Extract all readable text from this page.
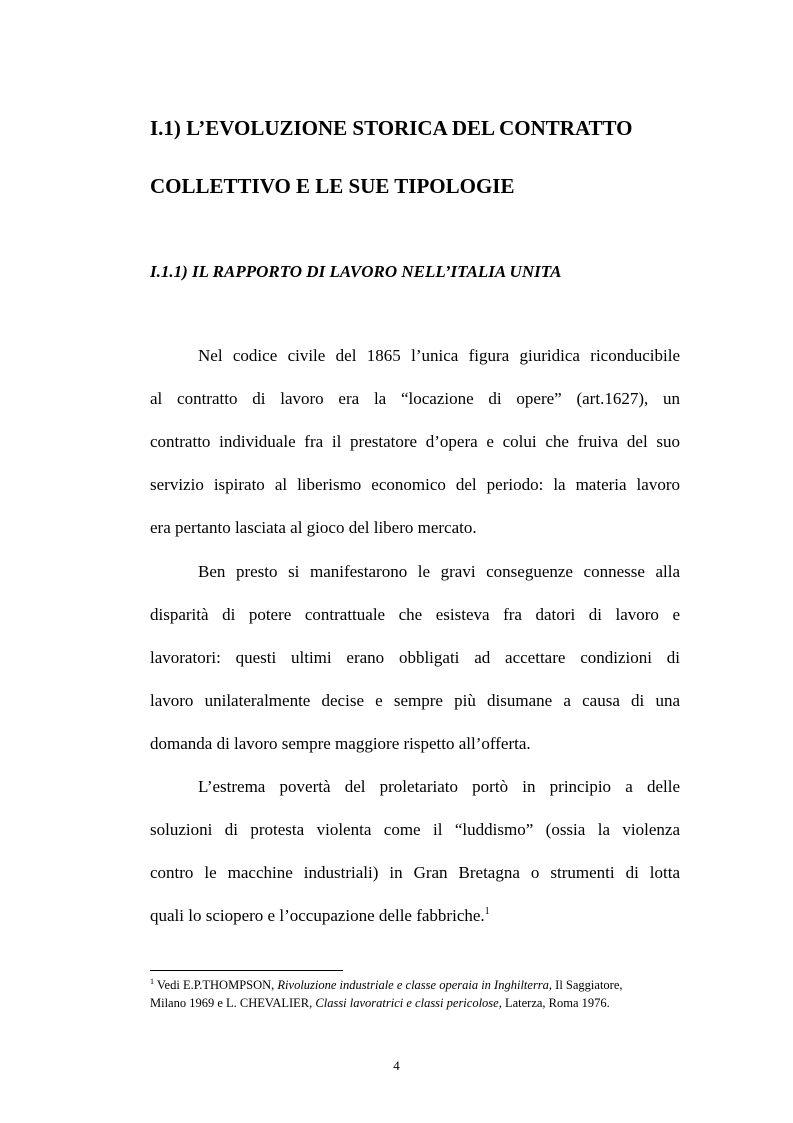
I.1) L’EVOLUZIONE STORICA DEL CONTRATTO
COLLETTIVO E LE SUE TIPOLOGIE
I.1.1) IL RAPPORTO DI LAVORO NELL’ITALIA UNITA
Nel codice civile del 1865 l’unica figura giuridica riconducibile
al contratto di lavoro era la “locazione di opere” (art.1627), un
contratto individuale fra il prestatore d’opera e colui che fruiva del suo
servizio ispirato al liberismo economico del periodo: la materia lavoro
era pertanto lasciata al gioco del libero mercato.
Ben presto si manifestarono le gravi conseguenze connesse alla
disparità di potere contrattuale che esisteva fra datori di lavoro e
lavoratori: questi ultimi erano obbligati ad accettare condizioni di
lavoro unilateralmente decise e sempre più disumane a causa di una
domanda di lavoro sempre maggiore rispetto all’offerta.
L’estrema povertà del proletariato portò in principio a delle
soluzioni di protesta violenta come il “luddismo” (ossia la violenza
contro le macchine industriali) in Gran Bretagna o strumenti di lotta
quali lo sciopero e l’occupazione delle fabbriche.$^1$
$^1$ Vedi E.P.THOMPSON, Rivoluzione industriale e classe operaia in Inghilterra, Il Saggiatore,
Milano 1969 e L. CHEVALIER, Classi lavoratrici e classi pericolose, Laterza, Roma 1976.
4
